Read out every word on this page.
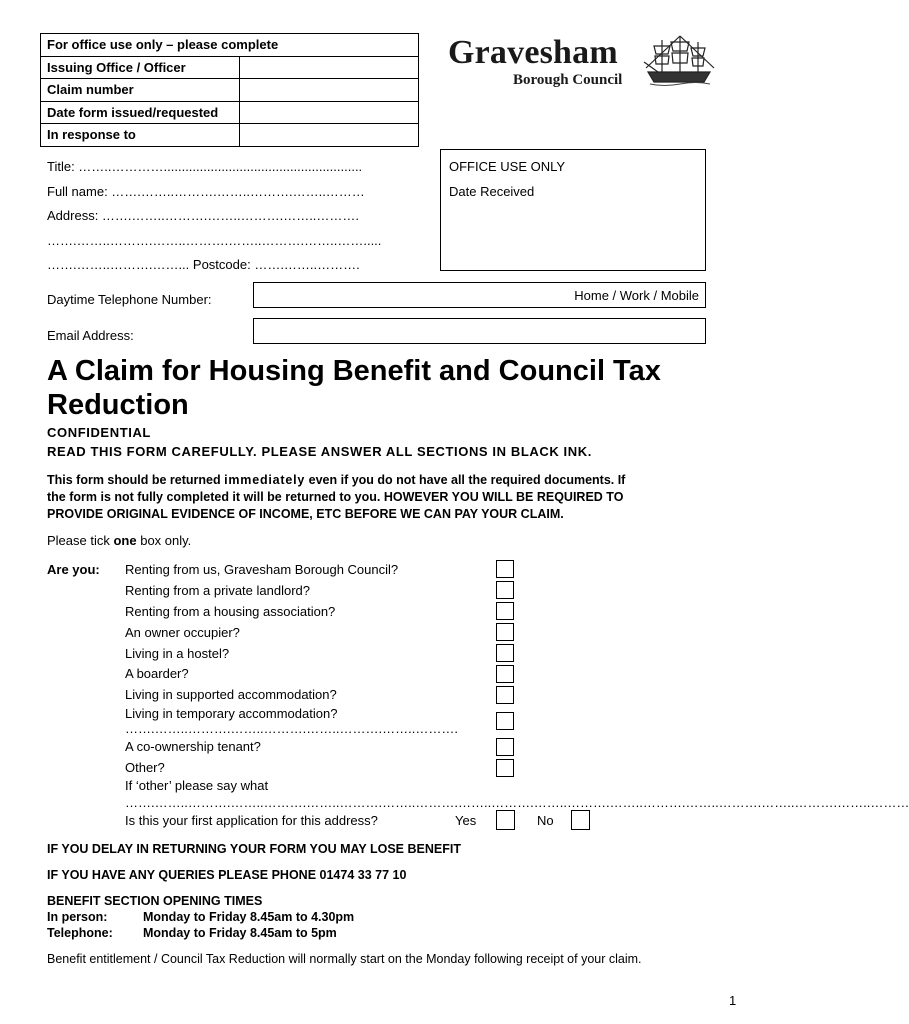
For office use only – please complete	
Issuing Office / Officer	
Claim number	
Date form issued/requested	
In response to	
Gravesham
Borough Council
Title: ……..………….......................................................
Full name: …….……..……….……..……….……..………
Address: …….……..……….……..……….……..……….
…….……..……….……..……….……..……….……..…….....
…….……..……….……... Postcode: …….……..……….
OFFICE USE ONLY
Date Received
Daytime Telephone Number:	Home / Work / Mobile
Email Address:
A Claim for Housing Benefit and Council Tax Reduction
CONFIDENTIAL
READ THIS FORM CAREFULLY. PLEASE ANSWER ALL SECTIONS IN BLACK INK.
This form should be returned immediately even if you do not have all the required documents. If
the form is not fully completed it will be returned to you. HOWEVER YOU WILL BE REQUIRED TO
PROVIDE ORIGINAL EVIDENCE OF INCOME, ETC BEFORE WE CAN PAY YOUR CLAIM.
Please tick one box only.
Are you: Renting from us, Gravesham Borough Council?
Renting from a private landlord?
Renting from a housing association?
An owner occupier?
Living in a hostel?
A boarder?
Living in supported accommodation?
Living in temporary accommodation?
…….……..……….……..……….……..……….……..……….
A co-ownership tenant?
Other?
If ‘other’ please say what
…….……..……….……..……….……..……….……..……….……..……….……..……….……..……….……..……….……..……….……..………
Is this your first application for this address?	Yes	No
IF YOU DELAY IN RETURNING YOUR FORM YOU MAY LOSE BENEFIT
IF YOU HAVE ANY QUERIES PLEASE PHONE 01474 33 77 10
BENEFIT SECTION OPENING TIMES
In person:	Monday to Friday 8.45am to 4.30pm
Telephone: Monday to Friday 8.45am to 5pm
Benefit entitlement / Council Tax Reduction will normally start on the Monday following receipt of your claim.
1
